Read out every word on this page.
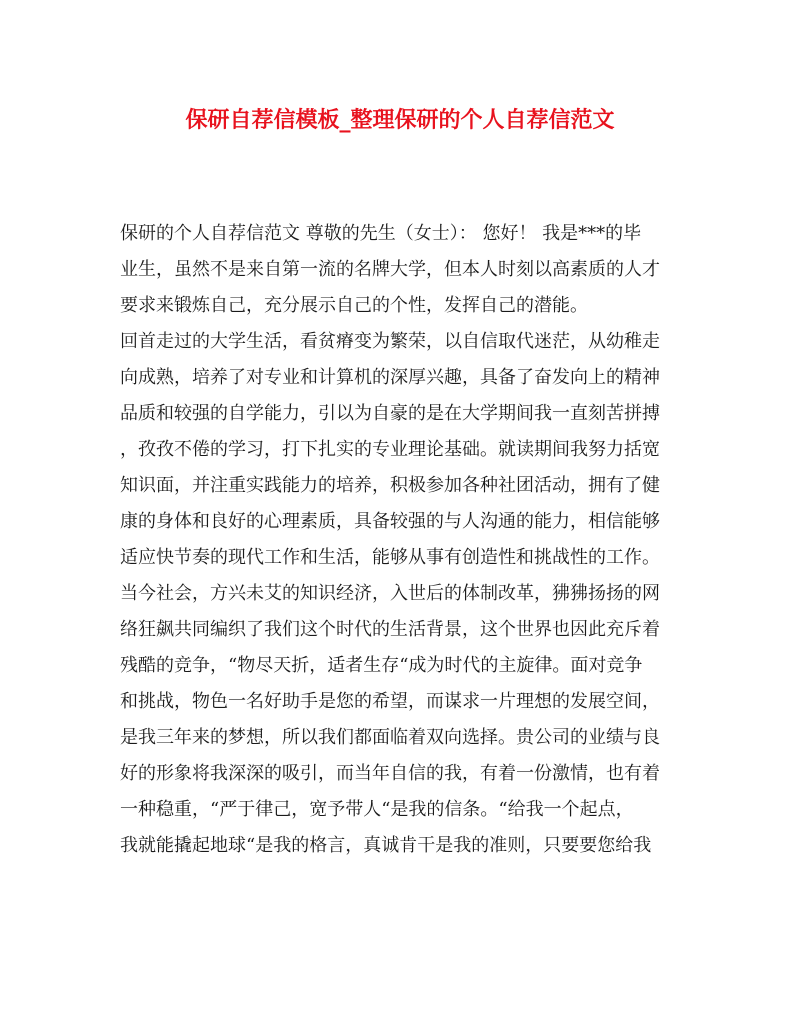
保研自荐信模板_整理保研的个人自荐信范文
保研的个人自荐信范文 尊敬的先生（女士）： 您好！ 我是***的毕
业生，虽然不是来自第一流的名牌大学，但本人时刻以高素质的人才
要求来锻炼自己，充分展示自己的个性，发挥自己的潜能。
回首走过的大学生活，看贫瘠变为繁荣，以自信取代迷茫，从幼稚走
向成熟，培养了对专业和计算机的深厚兴趣，具备了奋发向上的精神
品质和较强的自学能力，引以为自豪的是在大学期间我一直刻苦拼搏
，孜孜不倦的学习，打下扎实的专业理论基础。就读期间我努力括宽
知识面，并注重实践能力的培养，积极参加各种社团活动，拥有了健
康的身体和良好的心理素质，具备较强的与人沟通的能力，相信能够
适应快节奏的现代工作和生活，能够从事有创造性和挑战性的工作。
当今社会，方兴未艾的知识经济，入世后的体制改革，狒狒扬扬的网
络狂飙共同编织了我们这个时代的生活背景，这个世界也因此充斥着
残酷的竞争，“物尽天折，适者生存“成为时代的主旋律。面对竞争
和挑战，物色一名好助手是您的希望，而谋求一片理想的发展空间，
是我三年来的梦想，所以我们都面临着双向选择。贵公司的业绩与良
好的形象将我深深的吸引，而当年自信的我，有着一份激情，也有着
一种稳重，“严于律己，宽予带人“是我的信条。“给我一个起点，
我就能撬起地球“是我的格言，真诚肯干是我的准则，只要要您给我
